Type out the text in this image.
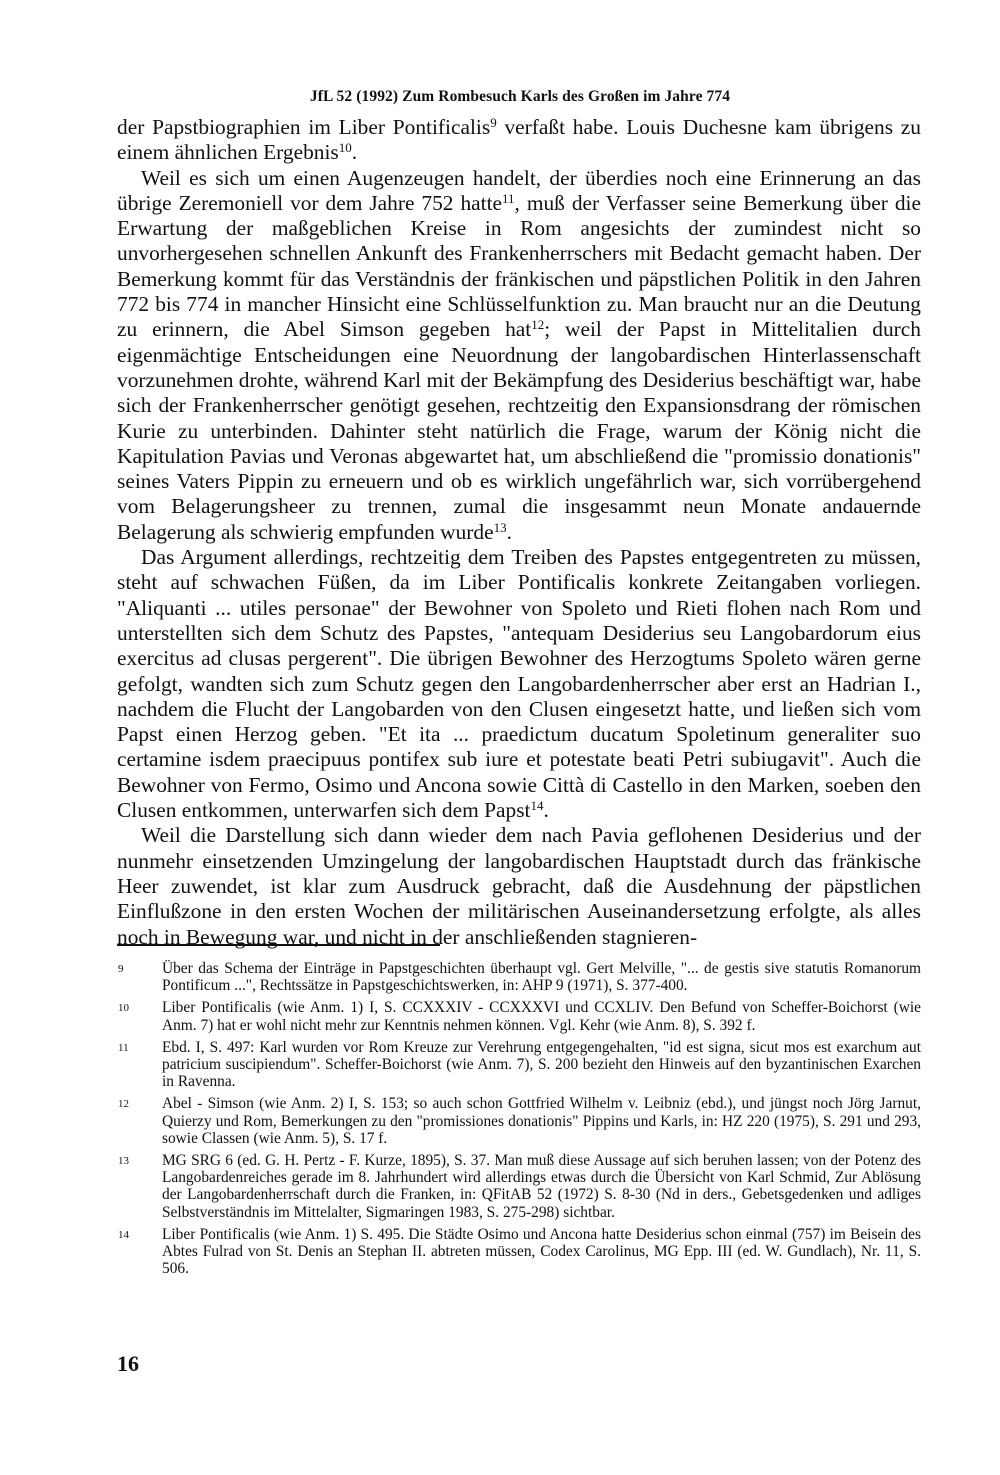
JfL 52 (1992) Zum Rombesuch Karls des Großen im Jahre 774

der Papstbiographien im Liber Pontificalis$^9$ verfaßt habe. Louis Duchesne kam übrigens zu einem ähnlichen Ergebnis$^{10}$.

Weil es sich um einen Augenzeugen handelt, der überdies noch eine Erinnerung an das übrige Zeremoniell vor dem Jahre 752 hatte$^{11}$, muß der Verfasser seine Bemerkung über die Erwartung der maßgeblichen Kreise in Rom angesichts der zumindest nicht so unvorhergesehen schnellen Ankunft des Frankenherrschers mit Bedacht gemacht haben. Der Bemerkung kommt für das Verständnis der fränkischen und päpstlichen Politik in den Jahren 772 bis 774 in mancher Hinsicht eine Schlüsselfunktion zu. Man braucht nur an die Deutung zu erinnern, die Abel Simson gegeben hat$^{12}$; weil der Papst in Mittelitalien durch eigenmächtige Entscheidungen eine Neuordnung der langobardischen Hinterlassenschaft vorzunehmen drohte, während Karl mit der Bekämpfung des Desiderius beschäftigt war, habe sich der Frankenherrscher genötigt gesehen, rechtzeitig den Expansionsdrang der römischen Kurie zu unterbinden. Dahinter steht natürlich die Frage, warum der König nicht die Kapitulation Pavias und Veronas abgewartet hat, um abschließend die "promissio donationis" seines Vaters Pippin zu erneuern und ob es wirklich ungefährlich war, sich vorrübergehend vom Belagerungsheer zu trennen, zumal die insgesammt neun Monate andauernde Belagerung als schwierig empfunden wurde$^{13}$.

Das Argument allerdings, rechtzeitig dem Treiben des Papstes entgegentreten zu müssen, steht auf schwachen Füßen, da im Liber Pontificalis konkrete Zeitangaben vorliegen. "Aliquanti ... utiles personae" der Bewohner von Spoleto und Rieti flohen nach Rom und unterstellten sich dem Schutz des Papstes, "antequam Desiderius seu Langobardorum eius exercitus ad clusas pergerent". Die übrigen Bewohner des Herzogtums Spoleto wären gerne gefolgt, wandten sich zum Schutz gegen den Langobardenherrscher aber erst an Hadrian I., nachdem die Flucht der Langobarden von den Clusen eingesetzt hatte, und ließen sich vom Papst einen Herzog geben. "Et ita ... praedictum ducatum Spoletinum generaliter suo certamine isdem praecipuus pontifex sub iure et potestate beati Petri subiugavit". Auch die Bewohner von Fermo, Osimo und Ancona sowie Città di Castello in den Marken, soeben den Clusen entkommen, unterwarfen sich dem Papst$^{14}$.

Weil die Darstellung sich dann wieder dem nach Pavia geflohenen Desiderius und der nunmehr einsetzenden Umzingelung der langobardischen Hauptstadt durch das fränkische Heer zuwendet, ist klar zum Ausdruck gebracht, daß die Ausdehnung der päpstlichen Einflußzone in den ersten Wochen der militärischen Auseinandersetzung erfolgte, als alles noch in Bewegung war, und nicht in der anschließenden stagnieren-

9	Über das Schema der Einträge in Papstgeschichten überhaupt vgl. Gert Melville, "... de gestis sive statutis Romanorum Pontificum ...", Rechtssätze in Papstgeschichtswerken, in: AHP 9 (1971), S. 377-400.
10	Liber Pontificalis (wie Anm. 1) I, S. CCXXXIV - CCXXXVI und CCXLIV. Den Befund von Scheffer-Boichorst (wie Anm. 7) hat er wohl nicht mehr zur Kenntnis nehmen können. Vgl. Kehr (wie Anm. 8), S. 392 f.
11	Ebd. I, S. 497: Karl wurden vor Rom Kreuze zur Verehrung entgegengehalten, "id est signa, sicut mos est exarchum aut patricium suscipiendum". Scheffer-Boichorst (wie Anm. 7), S. 200 bezieht den Hinweis auf den byzantinischen Exarchen in Ravenna.
12	Abel - Simson (wie Anm. 2) I, S. 153; so auch schon Gottfried Wilhelm v. Leibniz (ebd.), und jüngst noch Jörg Jarnut, Quierzy und Rom, Bemerkungen zu den "promissiones donationis" Pippins und Karls, in: HZ 220 (1975), S. 291 und 293, sowie Classen (wie Anm. 5), S. 17 f.
13	MG SRG 6 (ed. G. H. Pertz - F. Kurze, 1895), S. 37. Man muß diese Aussage auf sich beruhen lassen; von der Potenz des Langobardenreiches gerade im 8. Jahrhundert wird allerdings etwas durch die Übersicht von Karl Schmid, Zur Ablösung der Langobardenherrschaft durch die Franken, in: QFitAB 52 (1972) S. 8-30 (Nd in ders., Gebetsgedenken und adliges Selbstverständnis im Mittelalter, Sigmaringen 1983, S. 275-298) sichtbar.
14	Liber Pontificalis (wie Anm. 1) S. 495. Die Städte Osimo und Ancona hatte Desiderius schon einmal (757) im Beisein des Abtes Fulrad von St. Denis an Stephan II. abtreten müssen, Codex Carolinus, MG Epp. III (ed. W. Gundlach), Nr. 11, S. 506.
16
